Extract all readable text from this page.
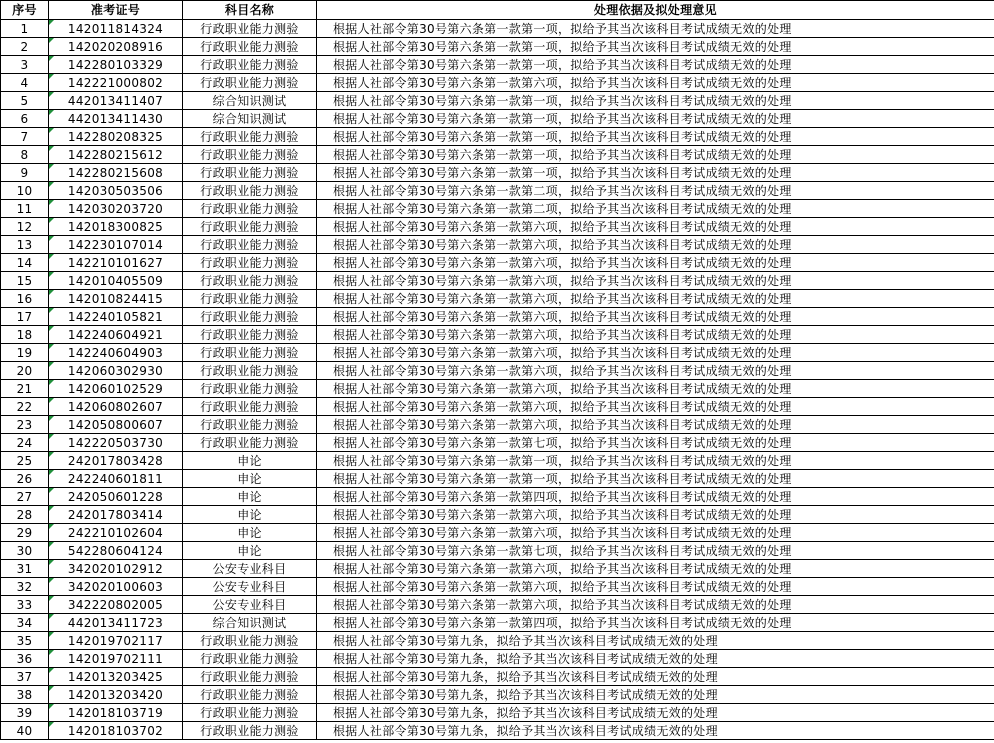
序号	准考证号	科目名称	处理依据及拟处理意见
1	142011814324	行政职业能力测验	根据人社部令第30号第六条第一款第一项，拟给予其当次该科目考试成绩无效的处理
2	142020208916	行政职业能力测验	根据人社部令第30号第六条第一款第一项，拟给予其当次该科目考试成绩无效的处理
3	142280103329	行政职业能力测验	根据人社部令第30号第六条第一款第一项，拟给予其当次该科目考试成绩无效的处理
4	142221000802	行政职业能力测验	根据人社部令第30号第六条第一款第六项，拟给予其当次该科目考试成绩无效的处理
5	442013411407	综合知识测试	根据人社部令第30号第六条第一款第一项，拟给予其当次该科目考试成绩无效的处理
6	442013411430	综合知识测试	根据人社部令第30号第六条第一款第一项，拟给予其当次该科目考试成绩无效的处理
7	142280208325	行政职业能力测验	根据人社部令第30号第六条第一款第一项，拟给予其当次该科目考试成绩无效的处理
8	142280215612	行政职业能力测验	根据人社部令第30号第六条第一款第一项，拟给予其当次该科目考试成绩无效的处理
9	142280215608	行政职业能力测验	根据人社部令第30号第六条第一款第一项，拟给予其当次该科目考试成绩无效的处理
10	142030503506	行政职业能力测验	根据人社部令第30号第六条第一款第二项，拟给予其当次该科目考试成绩无效的处理
11	142030203720	行政职业能力测验	根据人社部令第30号第六条第一款第二项，拟给予其当次该科目考试成绩无效的处理
12	142018300825	行政职业能力测验	根据人社部令第30号第六条第一款第六项，拟给予其当次该科目考试成绩无效的处理
13	142230107014	行政职业能力测验	根据人社部令第30号第六条第一款第六项，拟给予其当次该科目考试成绩无效的处理
14	142210101627	行政职业能力测验	根据人社部令第30号第六条第一款第六项，拟给予其当次该科目考试成绩无效的处理
15	142010405509	行政职业能力测验	根据人社部令第30号第六条第一款第六项，拟给予其当次该科目考试成绩无效的处理
16	142010824415	行政职业能力测验	根据人社部令第30号第六条第一款第六项，拟给予其当次该科目考试成绩无效的处理
17	142240105821	行政职业能力测验	根据人社部令第30号第六条第一款第六项，拟给予其当次该科目考试成绩无效的处理
18	142240604921	行政职业能力测验	根据人社部令第30号第六条第一款第六项，拟给予其当次该科目考试成绩无效的处理
19	142240604903	行政职业能力测验	根据人社部令第30号第六条第一款第六项，拟给予其当次该科目考试成绩无效的处理
20	142060302930	行政职业能力测验	根据人社部令第30号第六条第一款第六项，拟给予其当次该科目考试成绩无效的处理
21	142060102529	行政职业能力测验	根据人社部令第30号第六条第一款第六项，拟给予其当次该科目考试成绩无效的处理
22	142060802607	行政职业能力测验	根据人社部令第30号第六条第一款第六项，拟给予其当次该科目考试成绩无效的处理
23	142050800607	行政职业能力测验	根据人社部令第30号第六条第一款第六项，拟给予其当次该科目考试成绩无效的处理
24	142220503730	行政职业能力测验	根据人社部令第30号第六条第一款第七项，拟给予其当次该科目考试成绩无效的处理
25	242017803428	申论	根据人社部令第30号第六条第一款第一项，拟给予其当次该科目考试成绩无效的处理
26	242240601811	申论	根据人社部令第30号第六条第一款第一项，拟给予其当次该科目考试成绩无效的处理
27	242050601228	申论	根据人社部令第30号第六条第一款第四项，拟给予其当次该科目考试成绩无效的处理
28	242017803414	申论	根据人社部令第30号第六条第一款第六项，拟给予其当次该科目考试成绩无效的处理
29	242210102604	申论	根据人社部令第30号第六条第一款第六项，拟给予其当次该科目考试成绩无效的处理
30	542280604124	申论	根据人社部令第30号第六条第一款第七项，拟给予其当次该科目考试成绩无效的处理
31	342020102912	公安专业科目	根据人社部令第30号第六条第一款第六项，拟给予其当次该科目考试成绩无效的处理
32	342020100603	公安专业科目	根据人社部令第30号第六条第一款第六项，拟给予其当次该科目考试成绩无效的处理
33	342220802005	公安专业科目	根据人社部令第30号第六条第一款第六项，拟给予其当次该科目考试成绩无效的处理
34	442013411723	综合知识测试	根据人社部令第30号第六条第一款第四项，拟给予其当次该科目考试成绩无效的处理
35	142019702117	行政职业能力测验	根据人社部令第30号第九条，拟给予其当次该科目考试成绩无效的处理
36	142019702111	行政职业能力测验	根据人社部令第30号第九条，拟给予其当次该科目考试成绩无效的处理
37	142013203425	行政职业能力测验	根据人社部令第30号第九条，拟给予其当次该科目考试成绩无效的处理
38	142013203420	行政职业能力测验	根据人社部令第30号第九条，拟给予其当次该科目考试成绩无效的处理
39	142018103719	行政职业能力测验	根据人社部令第30号第九条，拟给予其当次该科目考试成绩无效的处理
40	142018103702	行政职业能力测验	根据人社部令第30号第九条，拟给予其当次该科目考试成绩无效的处理
